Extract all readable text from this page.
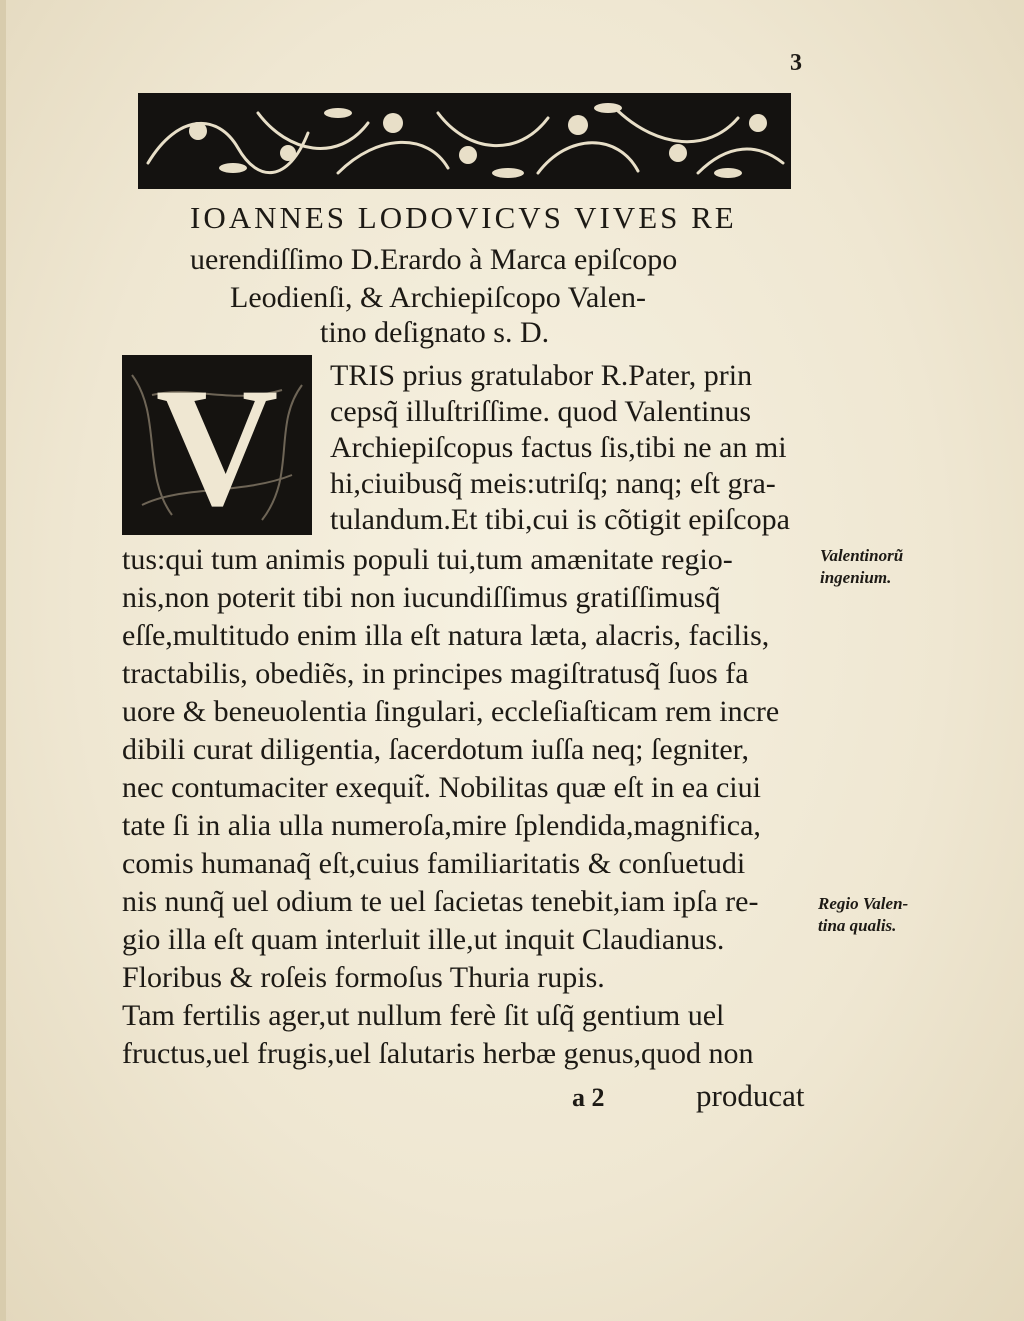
3
IOANNES LODOVICVS VIVES RE
uerendiſſimo D.Erardo à Marca epiſcopo
Leodienſi, & Archiepiſcopo Valen-
tino deſignato s. D.
V	TRIS prius gratulabor R.Pater, prin
cepsq̃ illuſtriſſime. quod Valentinus
Archiepiſcopus factus ſis,tibi ne an mi
hi,ciuibusq̃ meis:utriſq; nanq; eſt gra-
tulandum.Et tibi,cui is cõtigit epiſcopa
tus:qui tum animis populi tui,tum amænitate regio-
nis,non poterit tibi non iucundiſſimus gratiſſimusq̃
eſſe,multitudo enim illa eſt natura læta, alacris, facilis,
tractabilis, obediẽs, in principes magiſtratusq̃ ſuos fa
uore & beneuolentia ſingulari, eccleſiaſticam rem incre
dibili curat diligentia, ſacerdotum iuſſa neq; ſegniter,
nec contumaciter exequit̃. Nobilitas quæ eſt in ea ciui
tate ſi in alia ulla numeroſa,mire ſplendida,magnifica,
comis humanaq̃ eſt,cuius familiaritatis & conſuetudi
nis nunq̃ uel odium te uel ſacietas tenebit,iam ipſa re-
gio illa eſt quam interluit ille,ut inquit Claudianus.
Floribus & roſeis formoſus Thuria rupis.
Tam fertilis ager,ut nullum ferè ſit uſq̃ gentium uel
fructus,uel frugis,uel ſalutaris herbæ genus,quod non
Valentinorũ
ingenium.
Regio Valen-
tina qualis.
a 2	producat
